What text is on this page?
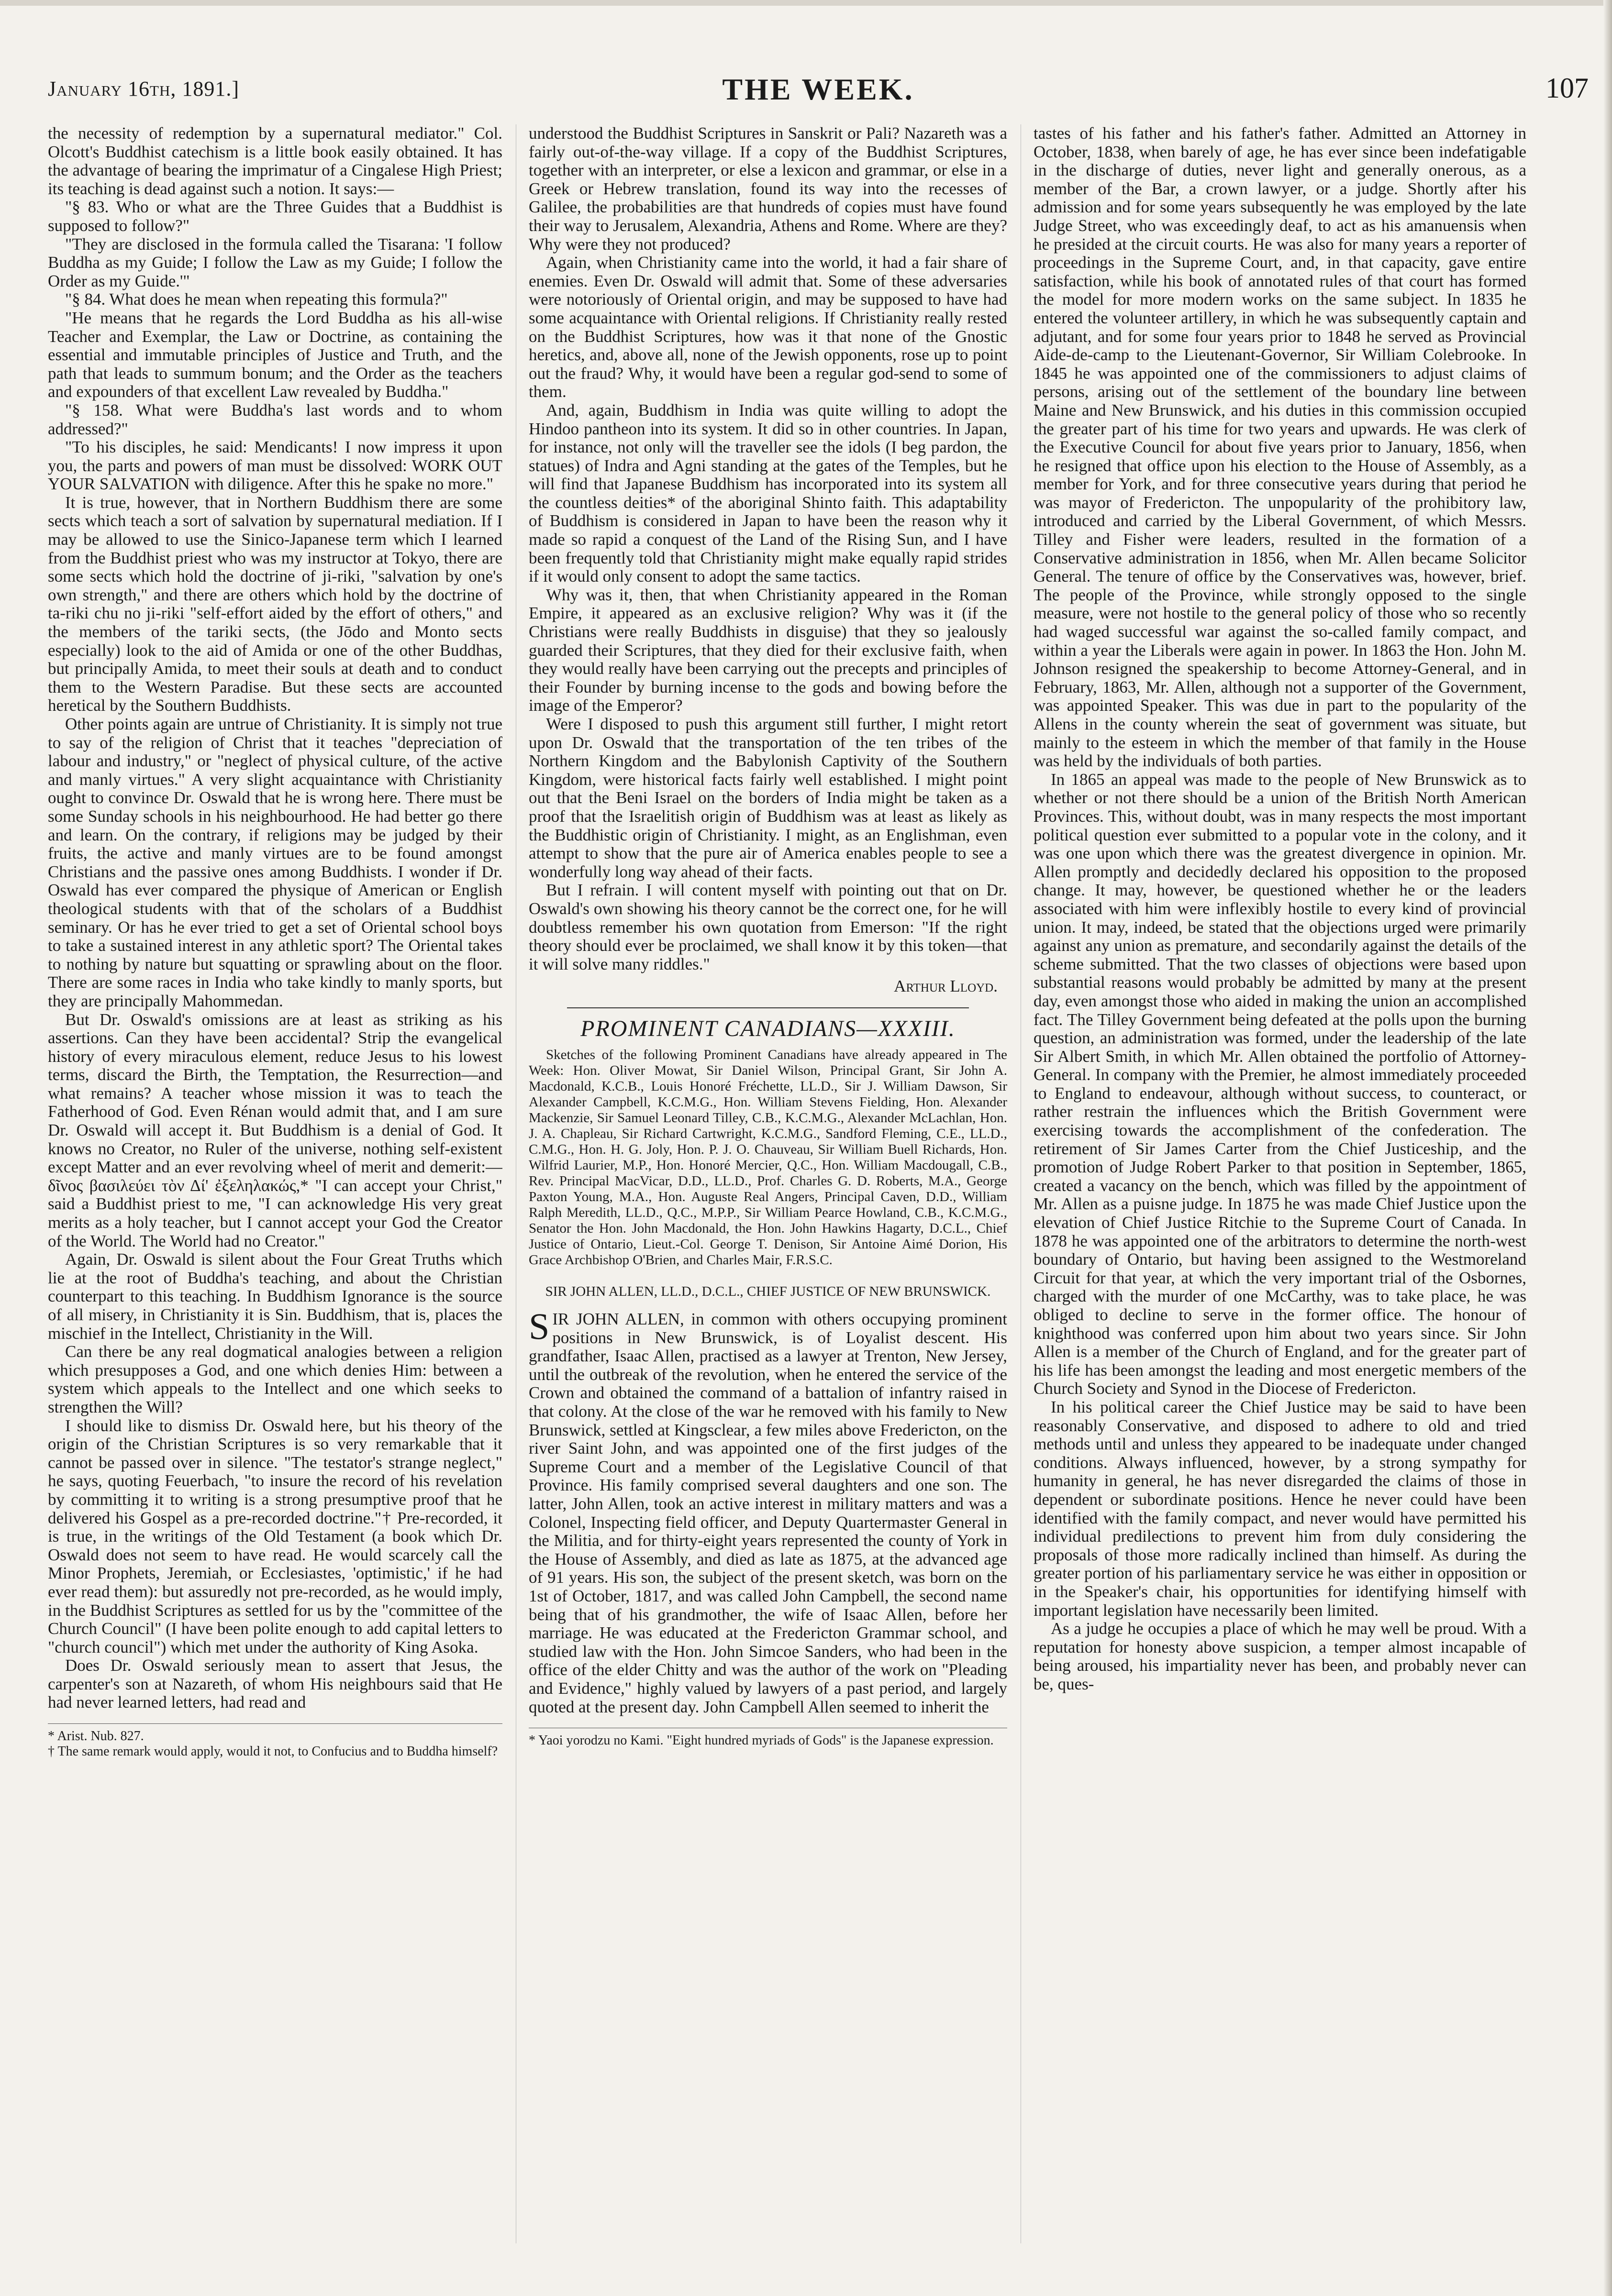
January 16th, 1891.]	THE WEEK.	107

the necessity of redemption by a supernatural mediator." Col. Olcott's Buddhist catechism is a little book easily obtained. It has the advantage of bearing the imprimatur of a Cingalese High Priest; its teaching is dead against such a notion. It says:—

"§ 83. Who or what are the Three Guides that a Buddhist is supposed to follow?"

"They are disclosed in the formula called the Tisarana: 'I follow Buddha as my Guide; I follow the Law as my Guide; I follow the Order as my Guide.'"

"§ 84. What does he mean when repeating this formula?"

"He means that he regards the Lord Buddha as his all-wise Teacher and Exemplar, the Law or Doctrine, as containing the essential and immutable principles of Justice and Truth, and the path that leads to summum bonum; and the Order as the teachers and expounders of that excellent Law revealed by Buddha."

"§ 158. What were Buddha's last words and to whom addressed?"

"To his disciples, he said: Mendicants! I now impress it upon you, the parts and powers of man must be dissolved: WORK OUT YOUR SALVATION with diligence. After this he spake no more."

It is true, however, that in Northern Buddhism there are some sects which teach a sort of salvation by supernatural mediation. If I may be allowed to use the Sinico-Japanese term which I learned from the Buddhist priest who was my instructor at Tokyo, there are some sects which hold the doctrine of ji-riki, "salvation by one's own strength," and there are others which hold by the doctrine of ta-riki chu no ji-riki "self-effort aided by the effort of others," and the members of the tariki sects, (the Jōdo and Monto sects especially) look to the aid of Amida or one of the other Buddhas, but principally Amida, to meet their souls at death and to conduct them to the Western Paradise. But these sects are accounted heretical by the Southern Buddhists.

Other points again are untrue of Christianity. It is simply not true to say of the religion of Christ that it teaches "depreciation of labour and industry," or "neglect of physical culture, of the active and manly virtues." A very slight acquaintance with Christianity ought to convince Dr. Oswald that he is wrong here. There must be some Sunday schools in his neighbourhood. He had better go there and learn. On the contrary, if religions may be judged by their fruits, the active and manly virtues are to be found amongst Christians and the passive ones among Buddhists. I wonder if Dr. Oswald has ever compared the physique of American or English theological students with that of the scholars of a Buddhist seminary. Or has he ever tried to get a set of Oriental school boys to take a sustained interest in any athletic sport? The Oriental takes to nothing by nature but squatting or sprawling about on the floor. There are some races in India who take kindly to manly sports, but they are principally Mahommedan.

But Dr. Oswald's omissions are at least as striking as his assertions. Can they have been accidental? Strip the evangelical history of every miraculous element, reduce Jesus to his lowest terms, discard the Birth, the Temptation, the Resurrection—and what remains? A teacher whose mission it was to teach the Fatherhood of God. Even Rénan would admit that, and I am sure Dr. Oswald will accept it. But Buddhism is a denial of God. It knows no Creator, no Ruler of the universe, nothing self-existent except Matter and an ever revolving wheel of merit and demerit:— δῖνος βασιλεύει τὸν Δί' ἐξεληλακώς,* "I can accept your Christ," said a Buddhist priest to me, "I can acknowledge His very great merits as a holy teacher, but I cannot accept your God the Creator of the World. The World had no Creator."

Again, Dr. Oswald is silent about the Four Great Truths which lie at the root of Buddha's teaching, and about the Christian counterpart to this teaching. In Buddhism Ignorance is the source of all misery, in Christianity it is Sin. Buddhism, that is, places the mischief in the Intellect, Christianity in the Will.

Can there be any real dogmatical analogies between a religion which presupposes a God, and one which denies Him: between a system which appeals to the Intellect and one which seeks to strengthen the Will?

I should like to dismiss Dr. Oswald here, but his theory of the origin of the Christian Scriptures is so very remarkable that it cannot be passed over in silence. "The testator's strange neglect," he says, quoting Feuerbach, "to insure the record of his revelation by committing it to writing is a strong presumptive proof that he delivered his Gospel as a pre-recorded doctrine."† Pre-recorded, it is true, in the writings of the Old Testament (a book which Dr. Oswald does not seem to have read. He would scarcely call the Minor Prophets, Jeremiah, or Ecclesiastes, 'optimistic,' if he had ever read them): but assuredly not pre-recorded, as he would imply, in the Buddhist Scriptures as settled for us by the "committee of the Church Council" (I have been polite enough to add capital letters to "church council") which met under the authority of King Asoka.

Does Dr. Oswald seriously mean to assert that Jesus, the carpenter's son at Nazareth, of whom His neighbours said that He had never learned letters, had read and

* Arist. Nub. 827.
† The same remark would apply, would it not, to Confucius and to Buddha himself?

understood the Buddhist Scriptures in Sanskrit or Pali? Nazareth was a fairly out-of-the-way village. If a copy of the Buddhist Scriptures, together with an interpreter, or else a lexicon and grammar, or else in a Greek or Hebrew translation, found its way into the recesses of Galilee, the probabilities are that hundreds of copies must have found their way to Jerusalem, Alexandria, Athens and Rome. Where are they? Why were they not produced?

Again, when Christianity came into the world, it had a fair share of enemies. Even Dr. Oswald will admit that. Some of these adversaries were notoriously of Oriental origin, and may be supposed to have had some acquaintance with Oriental religions. If Christianity really rested on the Buddhist Scriptures, how was it that none of the Gnostic heretics, and, above all, none of the Jewish opponents, rose up to point out the fraud? Why, it would have been a regular god-send to some of them.

And, again, Buddhism in India was quite willing to adopt the Hindoo pantheon into its system. It did so in other countries. In Japan, for instance, not only will the traveller see the idols (I beg pardon, the statues) of Indra and Agni standing at the gates of the Temples, but he will find that Japanese Buddhism has incorporated into its system all the countless deities* of the aboriginal Shinto faith. This adaptability of Buddhism is considered in Japan to have been the reason why it made so rapid a conquest of the Land of the Rising Sun, and I have been frequently told that Christianity might make equally rapid strides if it would only consent to adopt the same tactics.

Why was it, then, that when Christianity appeared in the Roman Empire, it appeared as an exclusive religion? Why was it (if the Christians were really Buddhists in disguise) that they so jealously guarded their Scriptures, that they died for their exclusive faith, when they would really have been carrying out the precepts and principles of their Founder by burning incense to the gods and bowing before the image of the Emperor?

Were I disposed to push this argument still further, I might retort upon Dr. Oswald that the transportation of the ten tribes of the Northern Kingdom and the Babylonish Captivity of the Southern Kingdom, were historical facts fairly well established. I might point out that the Beni Israel on the borders of India might be taken as a proof that the Israelitish origin of Buddhism was at least as likely as the Buddhistic origin of Christianity. I might, as an Englishman, even attempt to show that the pure air of America enables people to see a wonderfully long way ahead of their facts.

But I refrain. I will content myself with pointing out that on Dr. Oswald's own showing his theory cannot be the correct one, for he will doubtless remember his own quotation from Emerson: "If the right theory should ever be proclaimed, we shall know it by this token—that it will solve many riddles."

Arthur Lloyd.
PROMINENT CANADIANS—XXXIII.

Sketches of the following Prominent Canadians have already appeared in The Week: Hon. Oliver Mowat, Sir Daniel Wilson, Principal Grant, Sir John A. Macdonald, K.C.B., Louis Honoré Fréchette, LL.D., Sir J. William Dawson, Sir Alexander Campbell, K.C.M.G., Hon. William Stevens Fielding, Hon. Alexander Mackenzie, Sir Samuel Leonard Tilley, C.B., K.C.M.G., Alexander McLachlan, Hon. J. A. Chapleau, Sir Richard Cartwright, K.C.M.G., Sandford Fleming, C.E., LL.D., C.M.G., Hon. H. G. Joly, Hon. P. J. O. Chauveau, Sir William Buell Richards, Hon. Wilfrid Laurier, M.P., Hon. Honoré Mercier, Q.C., Hon. William Macdougall, C.B., Rev. Principal MacVicar, D.D., LL.D., Prof. Charles G. D. Roberts, M.A., George Paxton Young, M.A., Hon. Auguste Real Angers, Principal Caven, D.D., William Ralph Meredith, LL.D., Q.C., M.P.P., Sir William Pearce Howland, C.B., K.C.M.G., Senator the Hon. John Macdonald, the Hon. John Hawkins Hagarty, D.C.L., Chief Justice of Ontario, Lieut.-Col. George T. Denison, Sir Antoine Aimé Dorion, His Grace Archbishop O'Brien, and Charles Mair, F.R.S.C.

SIR JOHN ALLEN, LL.D., D.C.L., CHIEF JUSTICE OF NEW BRUNSWICK.

SIR JOHN ALLEN, in common with others occupying prominent positions in New Brunswick, is of Loyalist descent. His grandfather, Isaac Allen, practised as a lawyer at Trenton, New Jersey, until the outbreak of the revolution, when he entered the service of the Crown and obtained the command of a battalion of infantry raised in that colony. At the close of the war he removed with his family to New Brunswick, settled at Kingsclear, a few miles above Fredericton, on the river Saint John, and was appointed one of the first judges of the Supreme Court and a member of the Legislative Council of that Province. His family comprised several daughters and one son. The latter, John Allen, took an active interest in military matters and was a Colonel, Inspecting field officer, and Deputy Quartermaster General in the Militia, and for thirty-eight years represented the county of York in the House of Assembly, and died as late as 1875, at the advanced age of 91 years. His son, the subject of the present sketch, was born on the 1st of October, 1817, and was called John Campbell, the second name being that of his grandmother, the wife of Isaac Allen, before her marriage. He was educated at the Fredericton Grammar school, and studied law with the Hon. John Simcoe Sanders, who had been in the office of the elder Chitty and was the author of the work on "Pleading and Evidence," highly valued by lawyers of a past period, and largely quoted at the present day. John Campbell Allen seemed to inherit the

* Yaoi yorodzu no Kami. "Eight hundred myriads of Gods" is the Japanese expression.

tastes of his father and his father's father. Admitted an Attorney in October, 1838, when barely of age, he has ever since been indefatigable in the discharge of duties, never light and generally onerous, as a member of the Bar, a crown lawyer, or a judge. Shortly after his admission and for some years subsequently he was employed by the late Judge Street, who was exceedingly deaf, to act as his amanuensis when he presided at the circuit courts. He was also for many years a reporter of proceedings in the Supreme Court, and, in that capacity, gave entire satisfaction, while his book of annotated rules of that court has formed the model for more modern works on the same subject. In 1835 he entered the volunteer artillery, in which he was subsequently captain and adjutant, and for some four years prior to 1848 he served as Provincial Aide-de-camp to the Lieutenant-Governor, Sir William Colebrooke. In 1845 he was appointed one of the commissioners to adjust claims of persons, arising out of the settlement of the boundary line between Maine and New Brunswick, and his duties in this commission occupied the greater part of his time for two years and upwards. He was clerk of the Executive Council for about five years prior to January, 1856, when he resigned that office upon his election to the House of Assembly, as a member for York, and for three consecutive years during that period he was mayor of Fredericton. The unpopularity of the prohibitory law, introduced and carried by the Liberal Government, of which Messrs. Tilley and Fisher were leaders, resulted in the formation of a Conservative administration in 1856, when Mr. Allen became Solicitor General. The tenure of office by the Conservatives was, however, brief. The people of the Province, while strongly opposed to the single measure, were not hostile to the general policy of those who so recently had waged successful war against the so-called family compact, and within a year the Liberals were again in power. In 1863 the Hon. John M. Johnson resigned the speakership to become Attorney-General, and in February, 1863, Mr. Allen, although not a supporter of the Government, was appointed Speaker. This was due in part to the popularity of the Allens in the county wherein the seat of government was situate, but mainly to the esteem in which the member of that family in the House was held by the individuals of both parties.

In 1865 an appeal was made to the people of New Brunswick as to whether or not there should be a union of the British North American Provinces. This, without doubt, was in many respects the most important political question ever submitted to a popular vote in the colony, and it was one upon which there was the greatest divergence in opinion. Mr. Allen promptly and decidedly declared his opposition to the proposed change. It may, however, be questioned whether he or the leaders associated with him were inflexibly hostile to every kind of provincial union. It may, indeed, be stated that the objections urged were primarily against any union as premature, and secondarily against the details of the scheme submitted. That the two classes of objections were based upon substantial reasons would probably be admitted by many at the present day, even amongst those who aided in making the union an accomplished fact. The Tilley Government being defeated at the polls upon the burning question, an administration was formed, under the leadership of the late Sir Albert Smith, in which Mr. Allen obtained the portfolio of Attorney-General. In company with the Premier, he almost immediately proceeded to England to endeavour, although without success, to counteract, or rather restrain the influences which the British Government were exercising towards the accomplishment of the confederation. The retirement of Sir James Carter from the Chief Justiceship, and the promotion of Judge Robert Parker to that position in September, 1865, created a vacancy on the bench, which was filled by the appointment of Mr. Allen as a puisne judge. In 1875 he was made Chief Justice upon the elevation of Chief Justice Ritchie to the Supreme Court of Canada. In 1878 he was appointed one of the arbitrators to determine the north-west boundary of Ontario, but having been assigned to the Westmoreland Circuit for that year, at which the very important trial of the Osbornes, charged with the murder of one McCarthy, was to take place, he was obliged to decline to serve in the former office. The honour of knighthood was conferred upon him about two years since. Sir John Allen is a member of the Church of England, and for the greater part of his life has been amongst the leading and most energetic members of the Church Society and Synod in the Diocese of Fredericton.

In his political career the Chief Justice may be said to have been reasonably Conservative, and disposed to adhere to old and tried methods until and unless they appeared to be inadequate under changed conditions. Always influenced, however, by a strong sympathy for humanity in general, he has never disregarded the claims of those in dependent or subordinate positions. Hence he never could have been identified with the family compact, and never would have permitted his individual predilections to prevent him from duly considering the proposals of those more radically inclined than himself. As during the greater portion of his parliamentary service he was either in opposition or in the Speaker's chair, his opportunities for identifying himself with important legislation have necessarily been limited.

As a judge he occupies a place of which he may well be proud. With a reputation for honesty above suspicion, a temper almost incapable of being aroused, his impartiality never has been, and probably never can be, ques-
